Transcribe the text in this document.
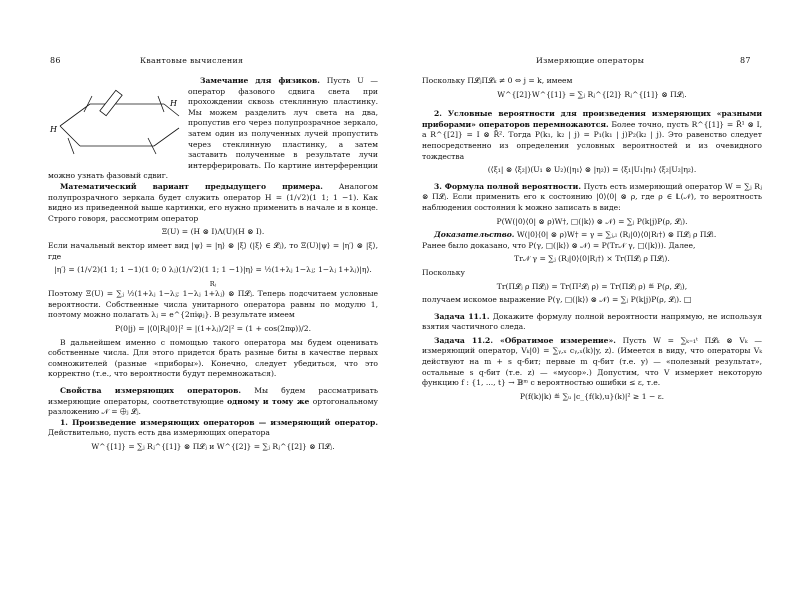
86	Квантовые вычисления
H
H

Замечание для физиков. Пусть U — оператор фазового сдвига света при прохождении сквозь стеклянную пластинку. Мы можем разделить луч света на два, пропустив его через полупрозрачное зеркало, затем один из полученных лучей пропустить через стеклянную пластинку, а затем заставить полученные в результате лучи интерферировать. По картине интерференции можно узнать фазовый сдвиг.

Математический вариант предыдущего примера. Аналогом полупрозрачного зеркала будет служить оператор H = (1/√2)(1 1; 1 −1). Как видно из приведенной выше картинки, его нужно применить в начале и в конце. Строго говоря, рассмотрим оператор

Ξ(U) = (H ⊗ I)Λ(U)(H ⊗ I).

Если начальный вектор имеет вид |ψ⟩ = |η⟩ ⊗ |ξ⟩ (|ξ⟩ ∈ 𝓛ⱼ), то Ξ(U)|ψ⟩ = |η′⟩ ⊗ |ξ⟩, где

|η′⟩ = (1/√2)(1 1; 1 −1)(1 0; 0 λⱼ)(1/√2)(1 1; 1 −1)|η⟩ = ½(1+λⱼ 1−λⱼ; 1−λⱼ 1+λⱼ)|η⟩.
Rⱼ

Поэтому Ξ(U) = ∑ⱼ ½(1+λⱼ 1−λⱼ; 1−λⱼ 1+λⱼ) ⊗ Π𝓛ⱼ. Теперь подсчитаем условные вероятности. Собственные числа унитарного оператора равны по модулю 1, поэтому можно полагать λⱼ = e^{2πiφⱼ}. В результате имеем

P(0|j) = |⟨0|Rⱼ|0⟩|² = |(1+λⱼ)/2|² = (1 + cos(2πφ))/2.

В дальнейшем именно с помощью такого оператора мы будем оценивать собственные числа. Для этого придется брать разные биты в качестве первых сомножителей (разные «приборы»). Конечно, следует убедиться, что это корректно (т.е., что вероятности будут перемножаться).

Свойства измеряющих операторов. Мы будем рассматривать измеряющие операторы, соответствующие одному и тому же ортогональному разложению 𝒩 = ⨁ⱼ 𝓛ⱼ.

1. Произведение измеряющих операторов — измеряющий оператор. Действительно, пусть есть два измеряющих оператора

W^{[1]} = ∑ⱼ Rⱼ^{[1]} ⊗ Π𝓛ⱼ и W^{[2]} = ∑ⱼ Rⱼ^{[2]} ⊗ Π𝓛ⱼ.
Измеряющие операторы	87

Поскольку Π𝓛ⱼΠ𝓛ₖ ≠ 0 ⇔ j = k, имеем

W^{[2]}W^{[1]} = ∑ⱼ Rⱼ^{[2]} Rⱼ^{[1]} ⊗ Π𝓛ⱼ.

2. Условные вероятности для произведения измеряющих «разными приборами» операторов перемножаются. Более точно, пусть R^{[1]} = R̃¹ ⊗ I, а R^{[2]} = I ⊗ R̃². Тогда P(k₁, k₂ | j) = P₁(k₁ | j)P₂(k₂ | j). Это равенство следует непосредственно из определения условных вероятностей и из очевидного тождества

(⟨ξ₁| ⊗ ⟨ξ₂|)(U₁ ⊗ U₂)(|η₁⟩ ⊗ |η₂⟩) = ⟨ξ₁|U₁|η₁⟩ ⟨ξ₂|U₂|η₂⟩.

3. Формула полной вероятности. Пусть есть измеряющий оператор W = ∑ⱼ Rⱼ ⊗ Π𝓛ⱼ. Если применить его к состоянию |0⟩⟨0| ⊗ ρ, где ρ ∈ 𝐋(𝒩), то вероятность наблюдения состояния k можно записать в виде:

P(W(|0⟩⟨0| ⊗ ρ)W†, □(|k⟩) ⊗ 𝒩) = ∑ⱼ P(k|j)P(ρ, 𝓛ⱼ).

Доказательство. W(|0⟩⟨0| ⊗ ρ)W† = γ = ∑ⱼ,ₗ (Rⱼ|0⟩⟨0|Rₗ†) ⊗ Π𝓛ⱼ ρ Π𝓛ₗ.

Ранее было доказано, что P(γ, □(|k⟩) ⊗ 𝒩) = P(Tr𝒩 γ, □(|k⟩)). Далее,

Tr𝒩 γ = ∑ⱼ (Rⱼ|0⟩⟨0|Rⱼ†) × Tr(Π𝓛ⱼ ρ Π𝓛ⱼ).

Поскольку

Tr(Π𝓛ⱼ ρ Π𝓛ⱼ) = Tr(Π²𝓛ⱼ ρ) = Tr(Π𝓛ⱼ ρ) ≝ P(ρ, 𝓛ⱼ),

получаем искомое выражение P(γ, □(|k⟩) ⊗ 𝒩) = ∑ⱼ P(k|j)P(ρ, 𝓛ⱼ). □

Задача 11.1. Докажите формулу полной вероятности напрямую, не используя взятия частичного следа.

Задача 11.2. «Обратимое измерение». Пусть W = ∑ₖ₌₁ᵗ Π𝓛ₖ ⊗ Vₖ — измеряющий оператор, Vₖ|0⟩ = ∑ᵧ,ₓ cᵧ,ₓ(k)|y, z⟩. (Имеется в виду, что операторы Vₖ действуют на m + s q-бит; первые m q-бит (т.е. y) — «полезный результат», остальные s q-бит (т.е. z) — «мусор».) Допустим, что V измеряет некоторую функцию f : {1, ..., t} → 𝔹ᵐ с вероятностью ошибки ≤ ε, т.е.

P(f(k)|k) ≝ ∑ᵤ |c_{f(k),u}(k)|² ≥ 1 − ε.
